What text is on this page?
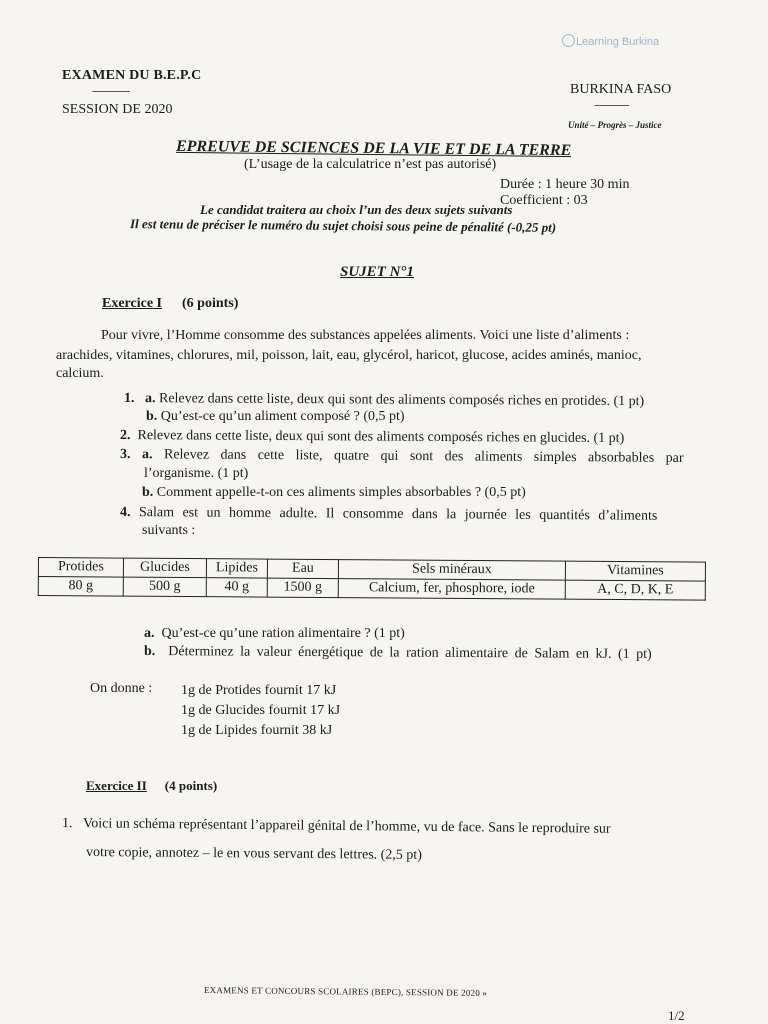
Learning Burkina
EXAMEN DU B.E.P.C
--------------
SESSION DE 2020
BURKINA FASO
-------------
Unité – Progrès – Justice
EPREUVE DE SCIENCES DE LA VIE ET DE LA TERRE
(L’usage de la calculatrice n’est pas autorisé)
Durée : 1 heure 30 min
Coefficient : 03
Le candidat traitera au choix l’un des deux sujets suivants
Il est tenu de préciser le numéro du sujet choisi sous peine de pénalité (-0,25 pt)
SUJET N°1
Exercice I (6 points)
Pour vivre, l’Homme consomme des substances appelées aliments. Voici une liste d’aliments :
arachides, vitamines, chlorures, mil, poisson, lait, eau, glycérol, haricot, glucose, acides aminés, manioc,
calcium.
1. a. Relevez dans cette liste, deux qui sont des aliments composés riches en protides. (1 pt)
b. Qu’est-ce qu’un aliment composé ? (0,5 pt)
2. Relevez dans cette liste, deux qui sont des aliments composés riches en glucides. (1 pt)
3. a. Relevez dans cette liste, quatre qui sont des aliments simples absorbables par
l’organisme. (1 pt)
b. Comment appelle-t-on ces aliments simples absorbables ? (0,5 pt)
4. Salam est un homme adulte. Il consomme dans la journée les quantités d’aliments
suivants :
Protides	Glucides	Lipides	Eau	Sels minéraux	Vitamines
80 g	500 g	40 g	1500 g	Calcium, fer, phosphore, iode	A, C, D, K, E
a. Qu’est-ce qu’une ration alimentaire ? (1 pt)
b. Déterminez la valeur énergétique de la ration alimentaire de Salam en kJ. (1 pt)
On donne : 1g de Protides fournit 17 kJ
1g de Glucides fournit 17 kJ
1g de Lipides fournit 38 kJ
Exercice II (4 points)
1. Voici un schéma représentant l’appareil génital de l’homme, vu de face. Sans le reproduire sur
votre copie, annotez – le en vous servant des lettres. (2,5 pt)
EXAMENS ET CONCOURS SCOLAIRES (BEPC), SESSION DE 2020 »
1/2
